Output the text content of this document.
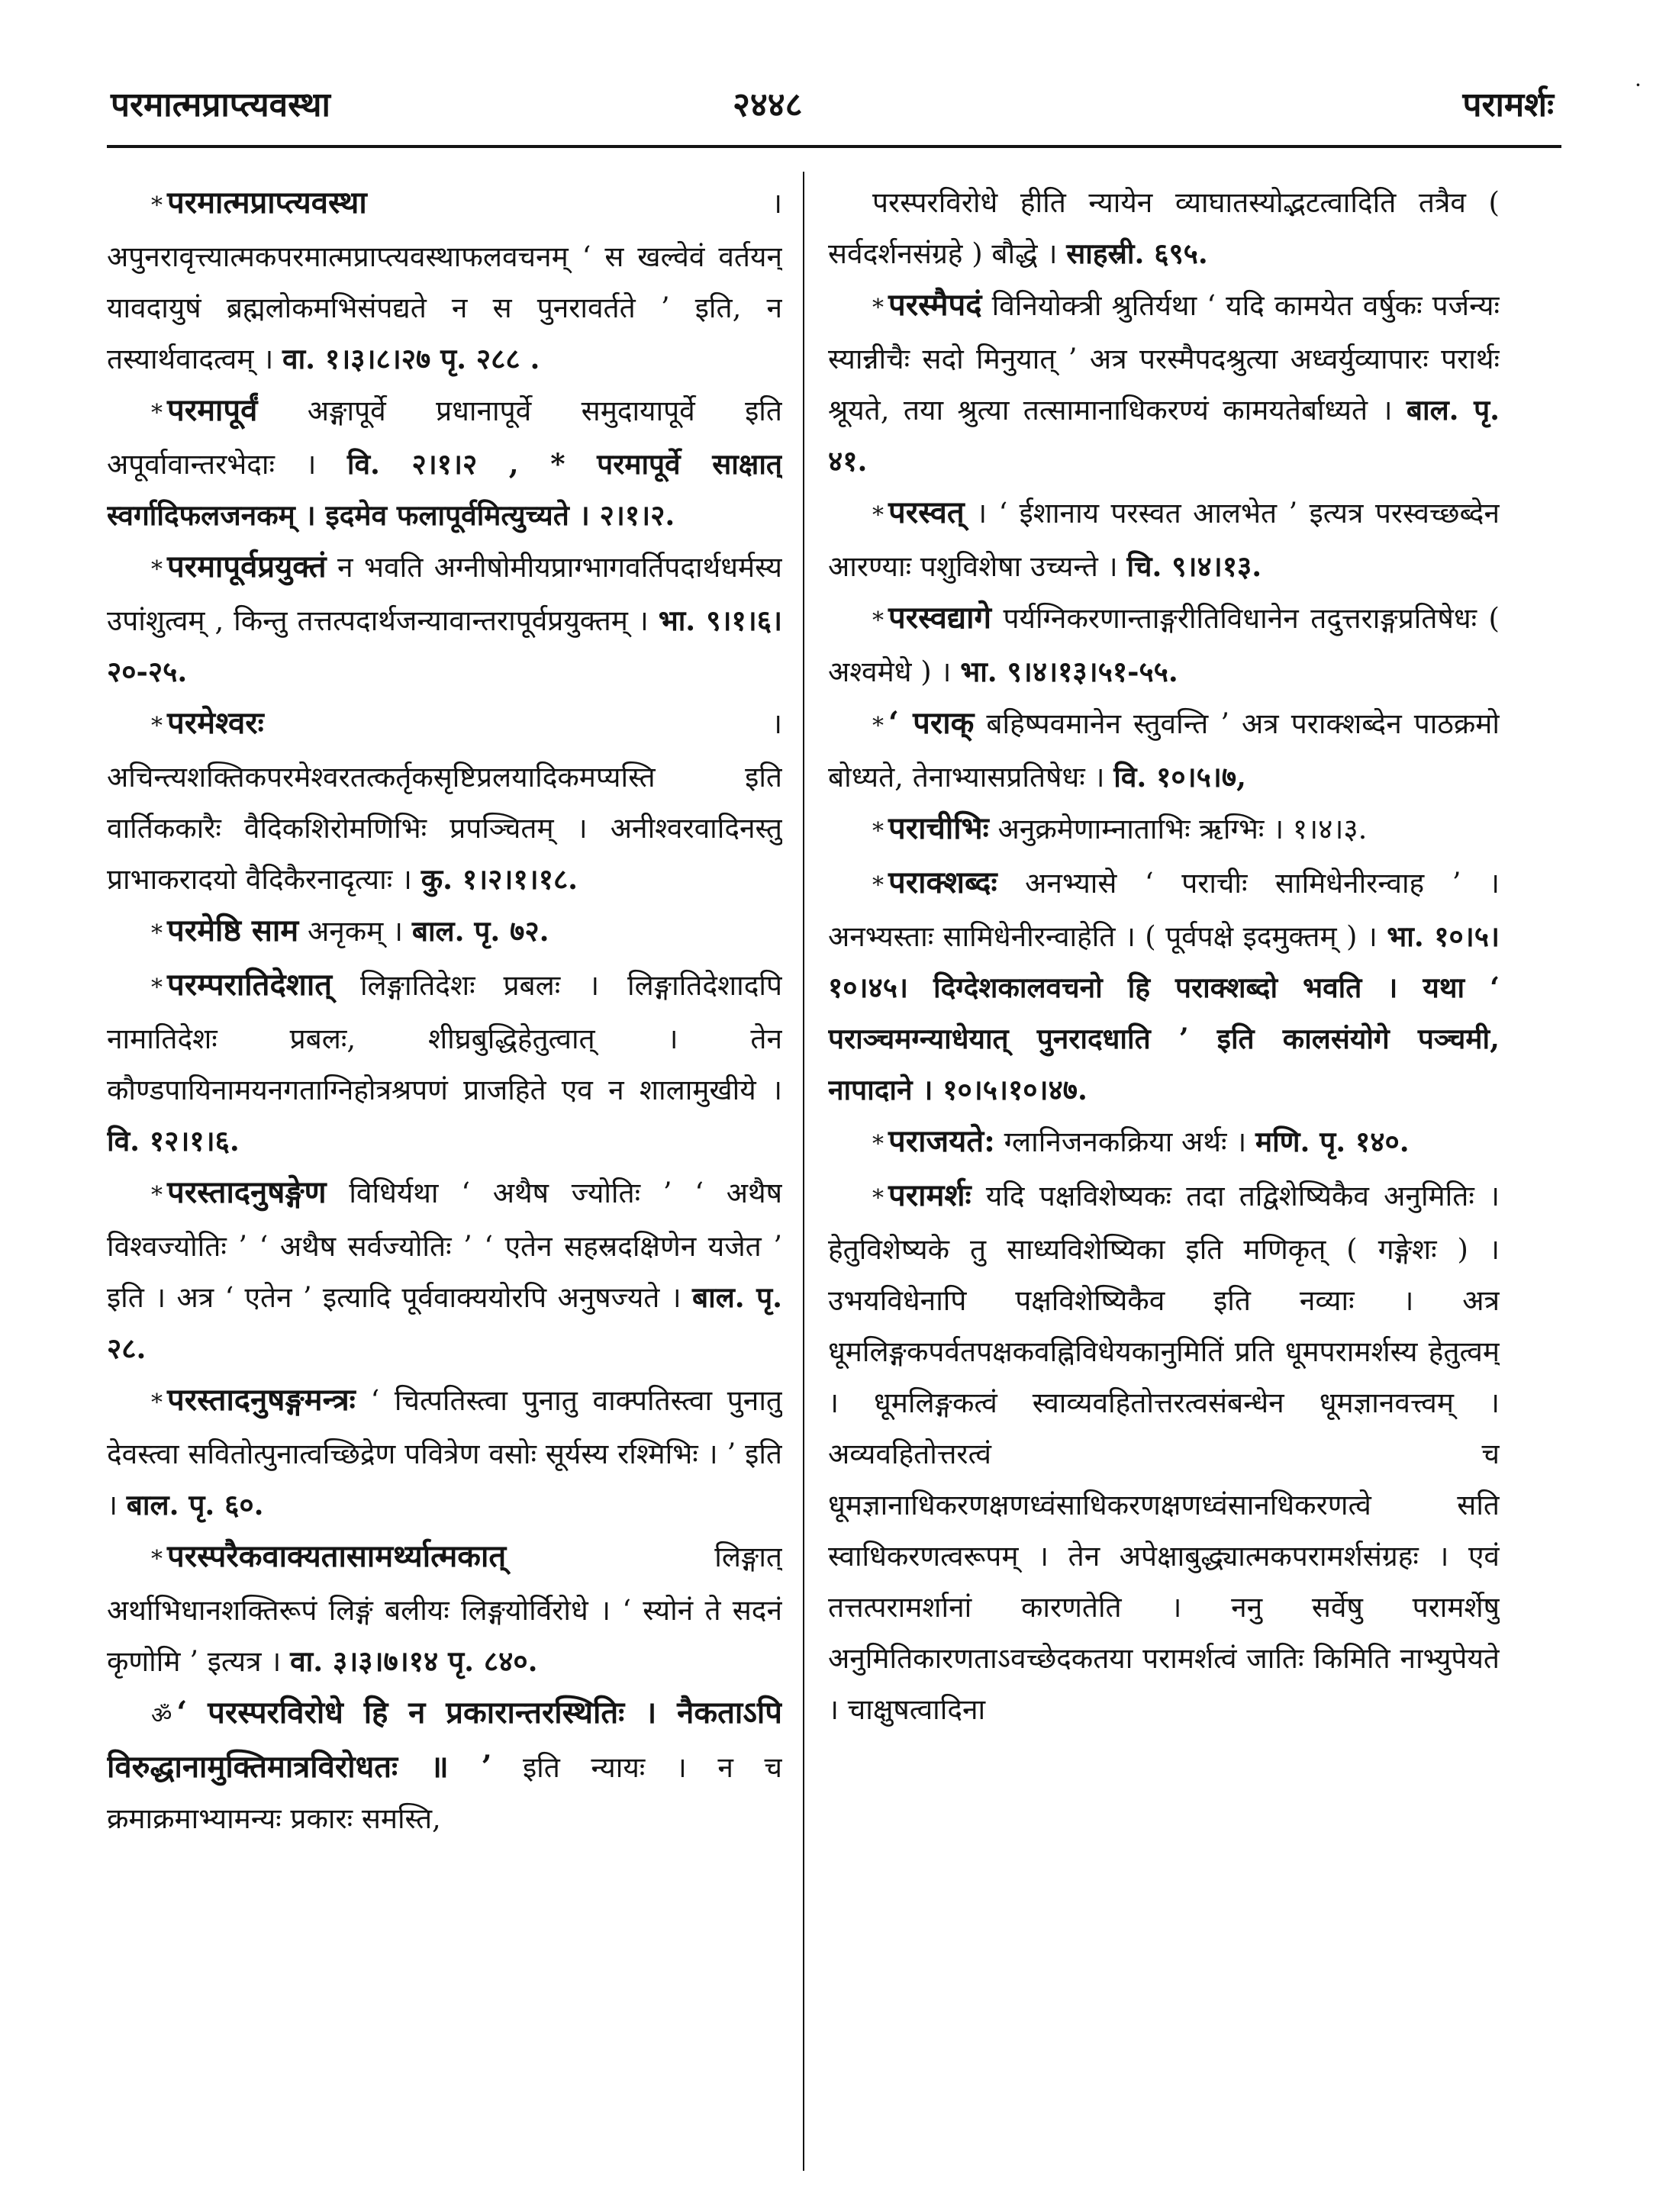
परमात्मप्राप्त्यवस्था	२४४८	परामर्शः

* परमात्मप्राप्त्यवस्था	। अपुनरावृत्त्यात्मकपरमात्मप्राप्त्यवस्थाफलवचनम् ‘ स खल्वेवं वर्तयन् यावदायुषं ब्रह्मलोकमभिसंपद्यते न स पुनरावर्तते ’ इति, न तस्यार्थवादत्वम् । वा. १।३।८।२७ पृ. २८८ .

* परमापूर्वं अङ्गापूर्वे प्रधानापूर्वे समुदायापूर्वे इति अपूर्वावान्तरभेदाः । वि. २।१।२ , * परमापूर्वे साक्षात् स्वर्गादिफलजनकम् । इदमेव फलापूर्वमित्युच्यते । २।१।२.

* परमापूर्वप्रयुक्तं न भवति अग्नीषोमीयप्राग्भागवर्तिपदार्थधर्मस्य उपांशुत्वम् , किन्तु तत्तत्पदार्थजन्यावान्तरापूर्वप्रयुक्तम् । भा. ९।१।६।२०-२५.

* परमेश्वरः	। अचिन्त्यशक्तिकपरमेश्वरतत्कर्तृकसृष्टिप्रलयादिकमप्यस्ति इति वार्तिककारैः वैदिकशिरोमणिभिः प्रपञ्चितम् । अनीश्वरवादिनस्तु प्राभाकरादयो वैदिकैरनादृत्याः । कु. १।२।१।१८.

* परमेष्ठि साम अनृकम् । बाल. पृ. ७२.

* परम्परातिदेशात् लिङ्गातिदेशः प्रबलः । लिङ्गातिदेशादपि नामातिदेशः प्रबलः, शीघ्रबुद्धिहेतुत्वात् । तेन कौण्डपायिनामयनगताग्निहोत्रश्रपणं प्राजहिते एव न शालामुखीये । वि. १२।१।६.

* परस्तादनुषङ्गेण विधिर्यथा ‘ अथैष ज्योतिः ’ ‘ अथैष विश्वज्योतिः ’ ‘ अथैष सर्वज्योतिः ’ ‘ एतेन सहस्रदक्षिणेन यजेत ’ इति । अत्र ‘ एतेन ’ इत्यादि पूर्ववाक्ययोरपि अनुषज्यते । बाल. पृ. २८.

* परस्तादनुषङ्गमन्त्रः ‘ चित्पतिस्त्वा पुनातु वाक्पतिस्त्वा पुनातु देवस्त्वा सवितोत्पुनात्वच्छिद्रेण पवित्रेण वसोः सूर्यस्य रश्मिभिः । ’ इति । बाल. पृ. ६०.

* परस्परैकवाक्यतासामर्थ्यात्मकात्	लिङ्गात् अर्थाभिधानशक्तिरूपं लिङ्गं बलीयः लिङ्गयोर्विरोधे । ‘ स्योनं ते सदनं कृणोमि ’ इत्यत्र । वा. ३।३।७।१४ पृ. ८४०.

ॐ ‘ परस्परविरोधे हि न प्रकारान्तरस्थितिः । नैकताऽपि विरुद्धानामुक्तिमात्रविरोधतः ॥ ’ इति न्यायः । न च क्रमाक्रमाभ्यामन्यः प्रकारः समस्ति,

परस्परविरोधे हीति न्यायेन व्याघातस्योद्भटत्वादिति तत्रैव ( सर्वदर्शनसंग्रहे ) बौद्धे । साहस्री. ६९५.

* परस्मैपदं विनियोक्त्री श्रुतिर्यथा ‘ यदि कामयेत वर्षुकः पर्जन्यः स्यान्नीचैः सदो मिनुयात् ’ अत्र परस्मैपदश्रुत्या अध्वर्युव्यापारः परार्थः श्रूयते, तया श्रुत्या तत्सामानाधिकरण्यं कामयतेर्बाध्यते । बाल. पृ. ४१.

* परस्वत् । ‘ ईशानाय परस्वत आलभेत ’ इत्यत्र परस्वच्छब्देन आरण्याः पशुविशेषा उच्यन्ते । चि. ९।४।१३.

* परस्वद्यागे पर्यग्निकरणान्ताङ्गरीतिविधानेन तदुत्तराङ्गप्रतिषेधः ( अश्वमेधे ) । भा. ९।४।१३।५१-५५.

* ‘ पराक् बहिष्पवमानेन स्तुवन्ति ’ अत्र पराक्शब्देन पाठक्रमो बोध्यते, तेनाभ्यासप्रतिषेधः । वि. १०।५।७,

* पराचीभिः अनुक्रमेणाम्नाताभिः ऋग्भिः । १।४।३.

* पराक्शब्दः अनभ्यासे ‘ पराचीः सामिधेनीरन्वाह ’ । अनभ्यस्ताः सामिधेनीरन्वाहेति । ( पूर्वपक्षे इदमुक्तम् ) । भा. १०।५।१०।४५। दिग्देशकालवचनो हि पराक्शब्दो भवति । यथा ‘ पराञ्चमग्न्याधेयात् पुनरादधाति ’ इति कालसंयोगे पञ्चमी, नापादाने । १०।५।१०।४७.

* पराजयते: ग्लानिजनकक्रिया अर्थः । मणि. पृ. १४०.

* परामर्शः यदि पक्षविशेष्यकः तदा तद्विशेष्यिकैव अनुमितिः । हेतुविशेष्यके तु साध्यविशेष्यिका इति मणिकृत् ( गङ्गेशः ) । उभयविधेनापि पक्षविशेष्यिकैव इति नव्याः । अत्र धूमलिङ्गकपर्वतपक्षकवह्निविधेयकानुमितिं प्रति धूमपरामर्शस्य हेतुत्वम् । धूमलिङ्गकत्वं स्वाव्यवहितोत्तरत्वसंबन्धेन धूमज्ञानवत्त्वम् । अव्यवहितोत्तरत्वं च धूमज्ञानाधिकरणक्षणध्वंसाधिकरणक्षणध्वंसानधिकरणत्वे सति स्वाधिकरणत्वरूपम् । तेन अपेक्षाबुद्ध्यात्मकपरामर्शसंग्रहः । एवं तत्तत्परामर्शानां कारणतेति । ननु सर्वेषु परामर्शेषु अनुमितिकारणताऽवच्छेदकतया परामर्शत्वं जातिः किमिति नाभ्युपेयते । चाक्षुषत्वादिना

·
